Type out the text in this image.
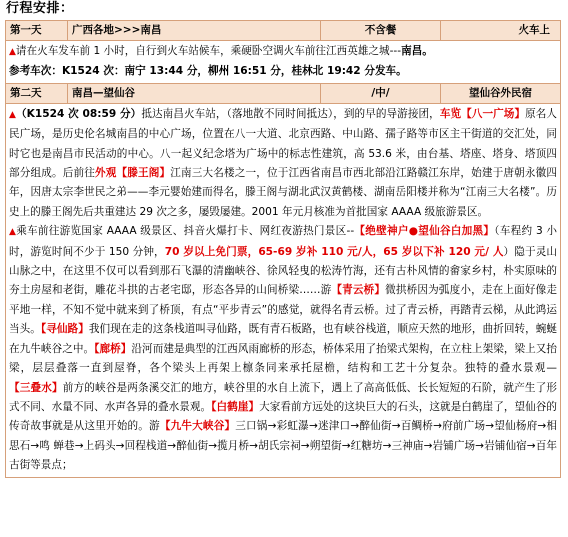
行程安排：
第一天	广西各地>>>南昌	不含餐	火车上
▲请在火车发车前 1 小时，自行到火车站候车，乘硬卧空调火车前往江西英雄之城---南昌。
参考车次：K1524 次：南宁 13:44 分，柳州 16:51 分，桂林北 19:42 分发车。
第二天	南昌—望仙谷	/中/	望仙谷外民宿
▲（K1524 次 08:59 分）抵达南昌火车站，（落地散不同时间抵达），到的早的导游接团，车览【八一广场】原名人民广场，是历史伦名城南昌的中心广场，位置在八一大道、北京西路、中山路、孺子路等市区主干街道的交汇处，同时它也是南昌市民活动的中心。八一起义纪念塔为广场中的标志性建筑，高 53.6 米，由台基、塔座、塔身、塔顶四部分组成。后前往外观【滕王阁】江南三大名楼之一，位于江西省南昌市西北部沿江路赣江东岸，始建于唐朝永徽四年，因唐太宗李世民之弟——李元婴始建而得名，滕王阁与湖北武汉黄鹤楼、湖南岳阳楼并称为“江南三大名楼”。历史上的滕王阁先后共重建达 29 次之多，屡毁屡建。2001 年元月核准为首批国家 AAAA 级旅游景区。
▲乘车前往游览国家 AAAA 级景区、抖音火爆打卡、网红夜游热门景区--【绝壁神户●望仙谷白加黑】（车程约 3 小时，游览时间不少于 150 分钟，70 岁以上免门票，65-69 岁补 110 元/人，65 岁以下补 120 元/ 人）隐于灵山山脉之中，在这里不仅可以看到那石飞瀑的清幽峡谷、徐风轻曳的松涛竹海，还有古朴风情的畲家乡村，朴实原味的夯土房屋和老街，雕花斗拱的古老宅邸，形态各异的山间桥梁……游【青云桥】微拱桥因为弧度小，走在上面好像走平地一样，不知不觉中就来到了桥顶，有点“平步青云”的感觉，就得名青云桥。过了青云桥，再踏青云梯，从此鸿运当头。【寻仙路】我们现在走的这条栈道叫寻仙路，既有青石板路，也有峡谷栈道，顺应天然的地形，曲折回转，蜿蜒在九牛峡谷之中。【廊桥】沿河而建是典型的江西风雨廊桥的形态，桥体采用了抬梁式架构，在立柱上架梁，梁上又抬梁，层层叠落一直到屋脊，各个梁头上再架上檩条同来承托屋檐，结构和工艺十分复杂。独特的叠水景观—【三叠水】前方的峡谷是两条溪交汇的地方，峡谷里的水自上流下，遇上了高高低低、长长短短的石阶，就产生了形式不同、水量不同、水声各异的叠水景观。【白鹤崖】大家看前方远处的这块巨大的石头，这就是白鹤崖了，望仙谷的传奇故事就是从这里开始的。游【九牛大峡谷】三口锅→彩虹瀑→迷津口→醉仙街→百鲷桥→府前广场→望仙杨府→相思石→鸣 蝉巷→上码头→回程栈道→醉仙街→揽月桥→胡氏宗祠→朔望街→红糖坊→三神庙→岩铺广场→岩铺仙宿→百年古街等景点；
